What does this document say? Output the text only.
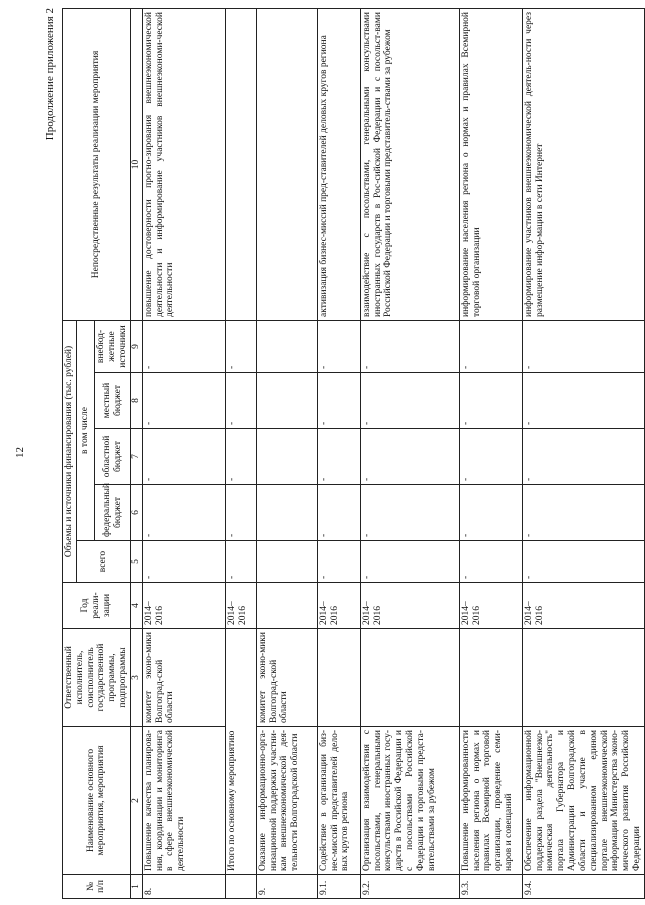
12
Продолжение приложения 2
№ п/п	Наименование основного мероприятия, мероприятия	Ответственный исполнитель, соисполнитель государственной программы, подпрограммы	Год реали-зации	Объемы и источники финансирования (тыс. рублей)					Непосредственные результаты реализации мероприятия
				всего	в том числе				
					федеральный бюджет	областной бюджет	местный бюджет	внебюд-жетные источники	
1	2	3	4	5	6	7	8	9	10
8.	Повышение качества планирова-ния, координации и мониторинга в сфере внешнеэкономической деятельности	комитет эконо-мики Волгоград-ской области	2014–2016	-	-	-	-	-	повышение достоверности прогно-зирования внешнеэкономической деятельности и информирование участников внешнеэкономи-ческой деятельности
	Итого по основному мероприятию		2014–2016	-	-	-	-	-	
9.	Оказание информационно-орга-низационной поддержки участни-кам внешнеэкономической дея-тельности Волгоградской области	комитет эконо-мики Волгоград-ской области							
9.1.	Содействие в организации биз-нес-миссий представителей дело-вых кругов региона		2014–2016	-	-	-	-	-	активизация бизнес-миссий пред-ставителей деловых кругов региона
9.2.	Организация взаимодействия с посольствами, генеральными консульствами иностранных госу-дарств в Российской Федерации и с посольствами Российской Федерации и торговыми предста-вительствами за рубежом		2014–2016	-	-	-	-	-	взаимодействие с посольствами, генеральными консульствами иностранных государств в Рос-сийской Федерации и с посольст-вами Российской Федерации и торговыми представитель-ствами за рубежом
9.3.	Повышение информированности населения региона о нормах и правилах Всемирной торговой организации, проведение семи-наров и совещаний		2014–2016	-	-	-	-	-	информирование населения региона о нормах и правилах Всемирной торговой организации
9.4.	Обеспечение информационной поддержки раздела "Внешнеэко-номическая деятельность" портала Губернатора и Администрации Волгоградской области и участие в специализированном едином портале внешнеэкономической информации Министерства эконо-мического развития Российской Федерации		2014–2016	-	-	-	-	-	информирование участников внешнеэкономической деятель-ности через размещение инфор-мации в сети Интернет
